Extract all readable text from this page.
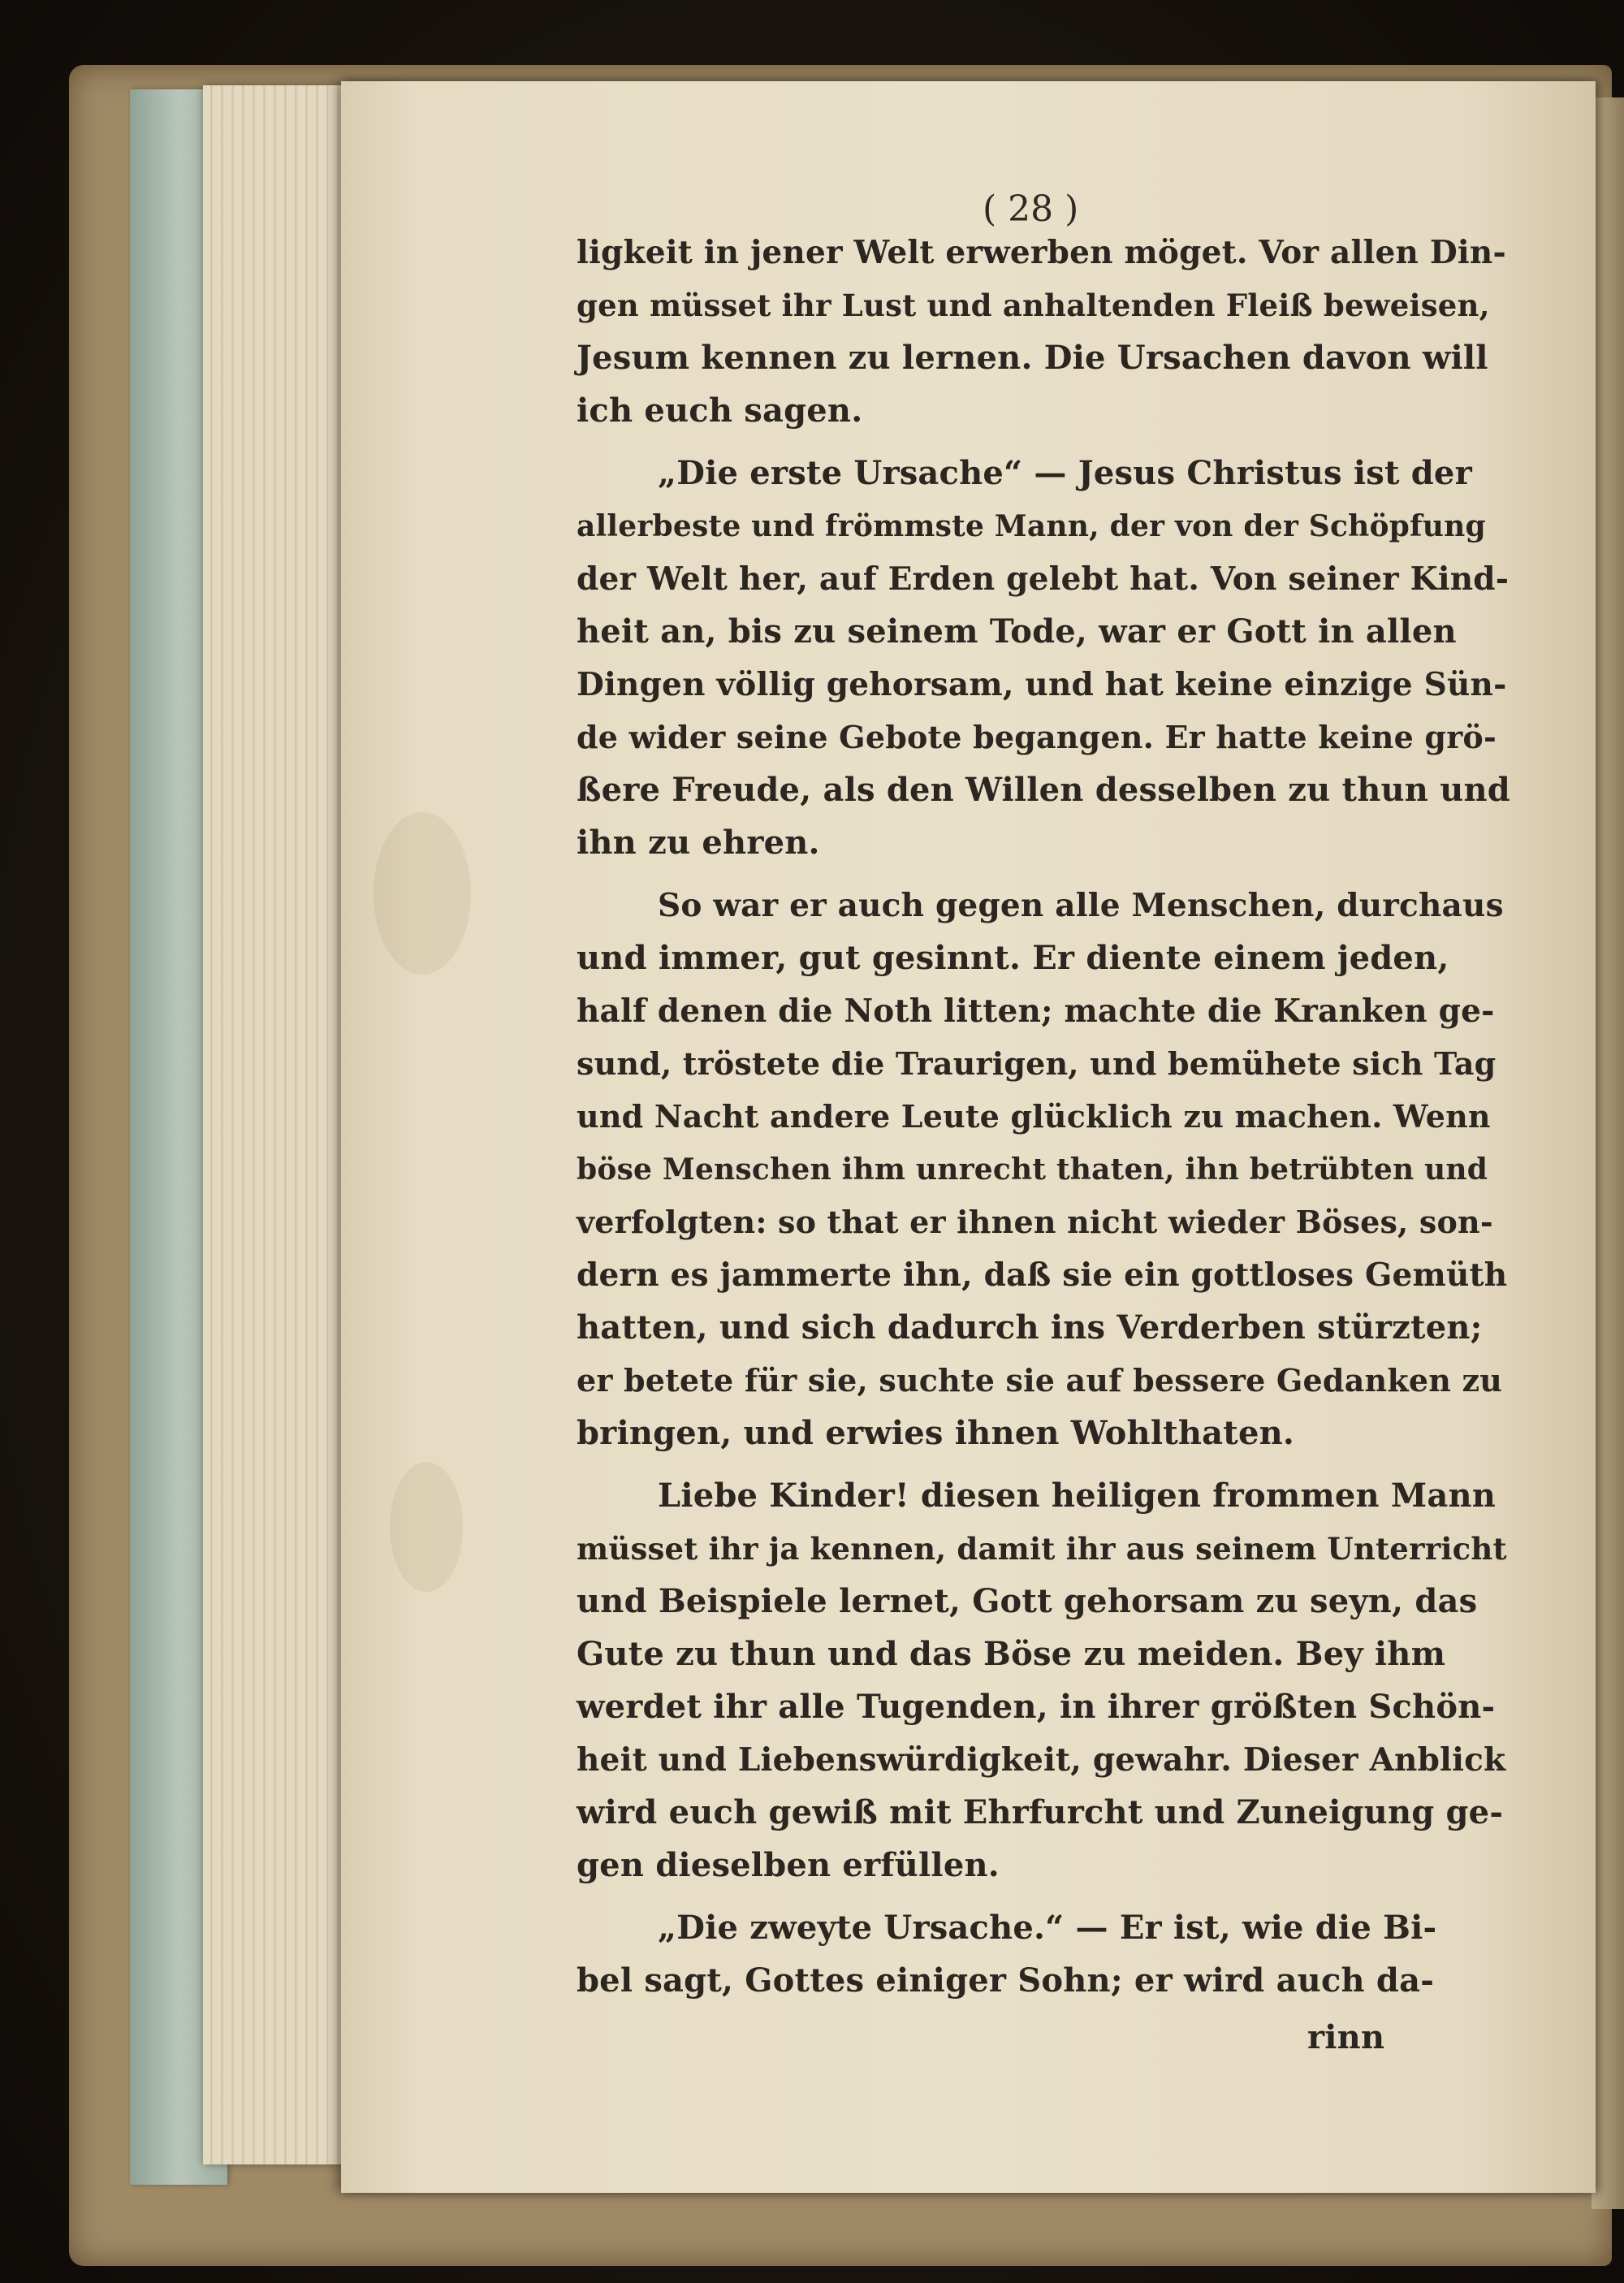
( 28 )
ligkeit in jener Welt erwerben möget. Vor allen Din-
gen müsset ihr Lust und anhaltenden Fleiß beweisen,
Jesum kennen zu lernen. Die Ursachen davon will
ich euch sagen.
„Die erste Ursache“ — Jesus Christus ist der
allerbeste und frömmste Mann, der von der Schöpfung
der Welt her, auf Erden gelebt hat. Von seiner Kind-
heit an, bis zu seinem Tode, war er Gott in allen
Dingen völlig gehorsam, und hat keine einzige Sün-
de wider seine Gebote begangen. Er hatte keine grö-
ßere Freude, als den Willen desselben zu thun und
ihn zu ehren.
So war er auch gegen alle Menschen, durchaus
und immer, gut gesinnt. Er diente einem jeden,
half denen die Noth litten; machte die Kranken ge-
sund, tröstete die Traurigen, und bemühete sich Tag
und Nacht andere Leute glücklich zu machen. Wenn
böse Menschen ihm unrecht thaten, ihn betrübten und
verfolgten: so that er ihnen nicht wieder Böses, son-
dern es jammerte ihn, daß sie ein gottloses Gemüth
hatten, und sich dadurch ins Verderben stürzten;
er betete für sie, suchte sie auf bessere Gedanken zu
bringen, und erwies ihnen Wohlthaten.
Liebe Kinder! diesen heiligen frommen Mann
müsset ihr ja kennen, damit ihr aus seinem Unterricht
und Beispiele lernet, Gott gehorsam zu seyn, das
Gute zu thun und das Böse zu meiden. Bey ihm
werdet ihr alle Tugenden, in ihrer größten Schön-
heit und Liebenswürdigkeit, gewahr. Dieser Anblick
wird euch gewiß mit Ehrfurcht und Zuneigung ge-
gen dieselben erfüllen.
„Die zweyte Ursache.“ — Er ist, wie die Bi-
bel sagt, Gottes einiger Sohn; er wird auch da-
rinn
